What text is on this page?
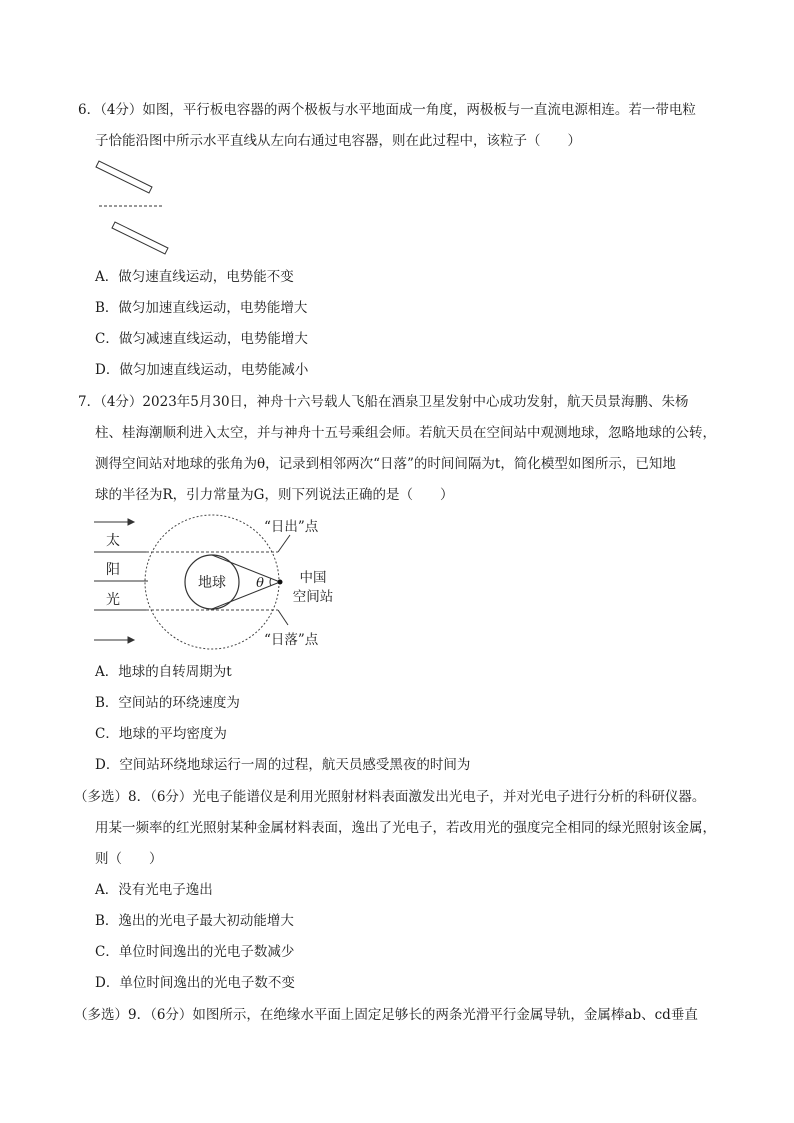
6．（4分）如图，平行板电容器的两个极板与水平地面成一角度，两极板与一直流电源相连。若一带电粒
子恰能沿图中所示水平直线从左向右通过电容器，则在此过程中，该粒子（　　）
A．做匀速直线运动，电势能不变
B．做匀加速直线运动，电势能增大
C．做匀减速直线运动，电势能增大
D．做匀加速直线运动，电势能减小
7．（4分）2023年5月30日，神舟十六号载人飞船在酒泉卫星发射中心成功发射，航天员景海鹏、朱杨
柱、桂海潮顺利进入太空，并与神舟十五号乘组会师。若航天员在空间站中观测地球，忽略地球的公转，
测得空间站对地球的张角为θ，记录到相邻两次“日落”的时间间隔为t，简化模型如图所示，已知地
球的半径为R，引力常量为G，则下列说法正确的是（　　）
地球 θ	中国
空间站
“日出”点
“日落”点
太
阳
光
A．地球的自转周期为t
B．空间站的环绕速度为
C．地球的平均密度为
D．空间站环绕地球运行一周的过程，航天员感受黑夜的时间为
（多选）8．（6分）光电子能谱仪是利用光照射材料表面激发出光电子，并对光电子进行分析的科研仪器。
用某一频率的红光照射某种金属材料表面，逸出了光电子，若改用光的强度完全相同的绿光照射该金属，
则（　　）
A．没有光电子逸出
B．逸出的光电子最大初动能增大
C．单位时间逸出的光电子数减少
D．单位时间逸出的光电子数不变
（多选）9．（6分）如图所示，在绝缘水平面上固定足够长的两条光滑平行金属导轨，金属棒ab、cd垂直
